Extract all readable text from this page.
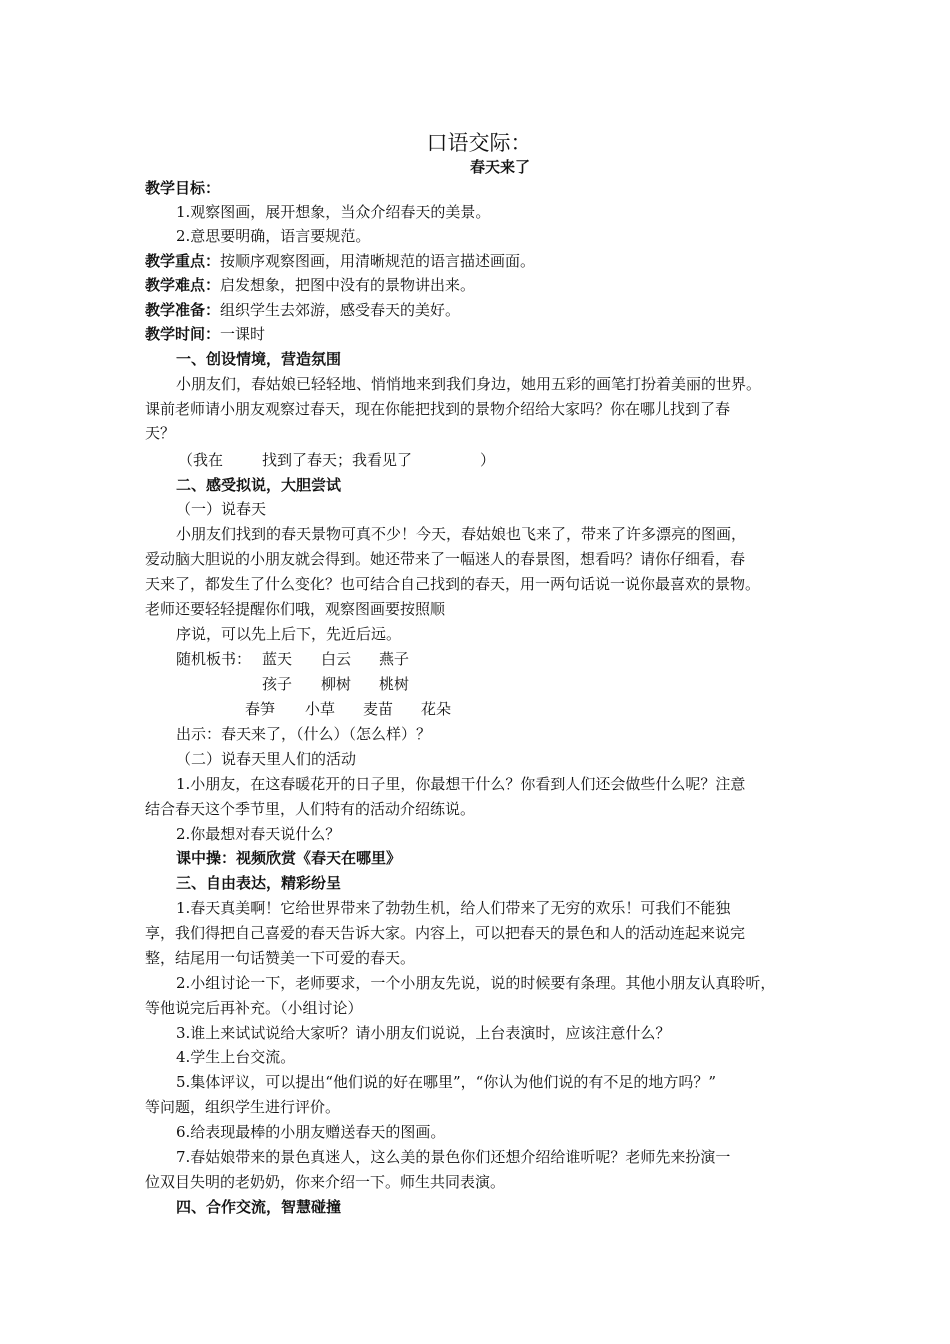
口语交际：
春天来了
教学目标：
1.观察图画，展开想象，当众介绍春天的美景。
2.意思要明确，语言要规范。
教学重点：按顺序观察图画，用清晰规范的语言描述画面。
教学难点：启发想象，把图中没有的景物讲出来。
教学准备：组织学生去郊游，感受春天的美好。
教学时间：一课时
一、创设情境，营造氛围
小朋友们，春姑娘已轻轻地、悄悄地来到我们身边，她用五彩的画笔打扮着美丽的世界。
课前老师请小朋友观察过春天，现在你能把找到的景物介绍给大家吗？你在哪儿找到了春
天？
（我在	找到了春天；我看见了	）
二、感受拟说，大胆尝试
（一）说春天
小朋友们找到的春天景物可真不少！今天，春姑娘也飞来了，带来了许多漂亮的图画，
爱动脑大胆说的小朋友就会得到。她还带来了一幅迷人的春景图，想看吗？请你仔细看，春
天来了，都发生了什么变化？也可结合自己找到的春天，用一两句话说一说你最喜欢的景物。
老师还要轻轻提醒你们哦，观察图画要按照顺
序说，可以先上后下，先近后远。
随机板书： 蓝天 白云 燕子
孩子 柳树 桃树
春笋 小草 麦苗 花朵
出示：春天来了，（什么）（怎么样）？
（二）说春天里人们的活动
1.小朋友，在这春暖花开的日子里，你最想干什么？你看到人们还会做些什么呢？注意
结合春天这个季节里，人们特有的活动介绍练说。
2.你最想对春天说什么？
课中操：视频欣赏《春天在哪里》
三、自由表达，精彩纷呈
1.春天真美啊！它给世界带来了勃勃生机，给人们带来了无穷的欢乐！可我们不能独
享，我们得把自己喜爱的春天告诉大家。内容上，可以把春天的景色和人的活动连起来说完
整，结尾用一句话赞美一下可爱的春天。
2.小组讨论一下，老师要求，一个小朋友先说，说的时候要有条理。其他小朋友认真聆听，
等他说完后再补充。（小组讨论）
3.谁上来试试说给大家听？请小朋友们说说，上台表演时，应该注意什么？
4.学生上台交流。
5.集体评议，可以提出“他们说的好在哪里”，“你认为他们说的有不足的地方吗？”
等问题，组织学生进行评价。
6.给表现最棒的小朋友赠送春天的图画。
7.春姑娘带来的景色真迷人，这么美的景色你们还想介绍给谁听呢？老师先来扮演一
位双目失明的老奶奶，你来介绍一下。师生共同表演。
四、合作交流，智慧碰撞
